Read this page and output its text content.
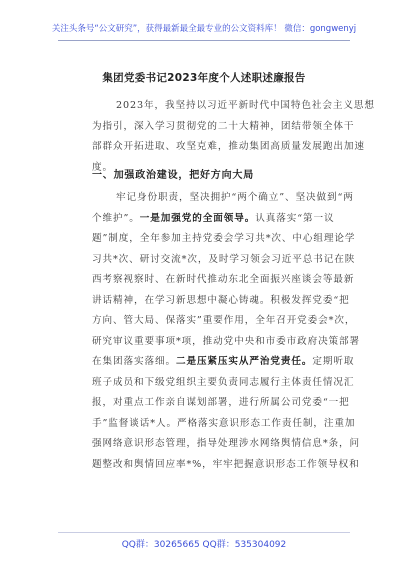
关注头条号“公文研究”，获得最新最全最专业的公文资料库！ 微信：gongwenyj
集团党委书记2023年度个人述职述廉报告
2023年，我坚持以习近平新时代中国特色社会主义思想
为指引，深入学习贯彻党的二十大精神，团结带领全体干
部群众开拓进取、攻坚克难，推动集团高质量发展跑出加速
度。
一、加强政治建设，把好方向大局
牢记身份职责，坚决拥护“两个确立”、坚决做到“两
个维护”。一是加强党的全面领导。认真落实“第一议
题”制度，全年参加主持党委会学习共*次、中心组理论学
习共*次、研讨交流*次，及时学习领会习近平总书记在陕
西考察视察时、在新时代推动东北全面振兴座谈会等最新
讲话精神，在学习新思想中凝心铸魂。积极发挥党委“把
方向、管大局、保落实”重要作用，全年召开党委会*次，
研究审议重要事项*项，推动党中央和市委市政府决策部署
在集团落实落细。二是压紧压实从严治党责任。定期听取
班子成员和下级党组织主要负责同志履行主体责任情况汇
报，对重点工作亲自谋划部署，进行所属公司党委“一把
手”监督谈话*人。严格落实意识形态工作责任制，注重加
强网络意识形态管理，指导处理涉水网络舆情信息*条，问
题整改和舆情回应率*%，牢牢把握意识形态工作领导权和
QQ群：30265665 QQ群：535304092
